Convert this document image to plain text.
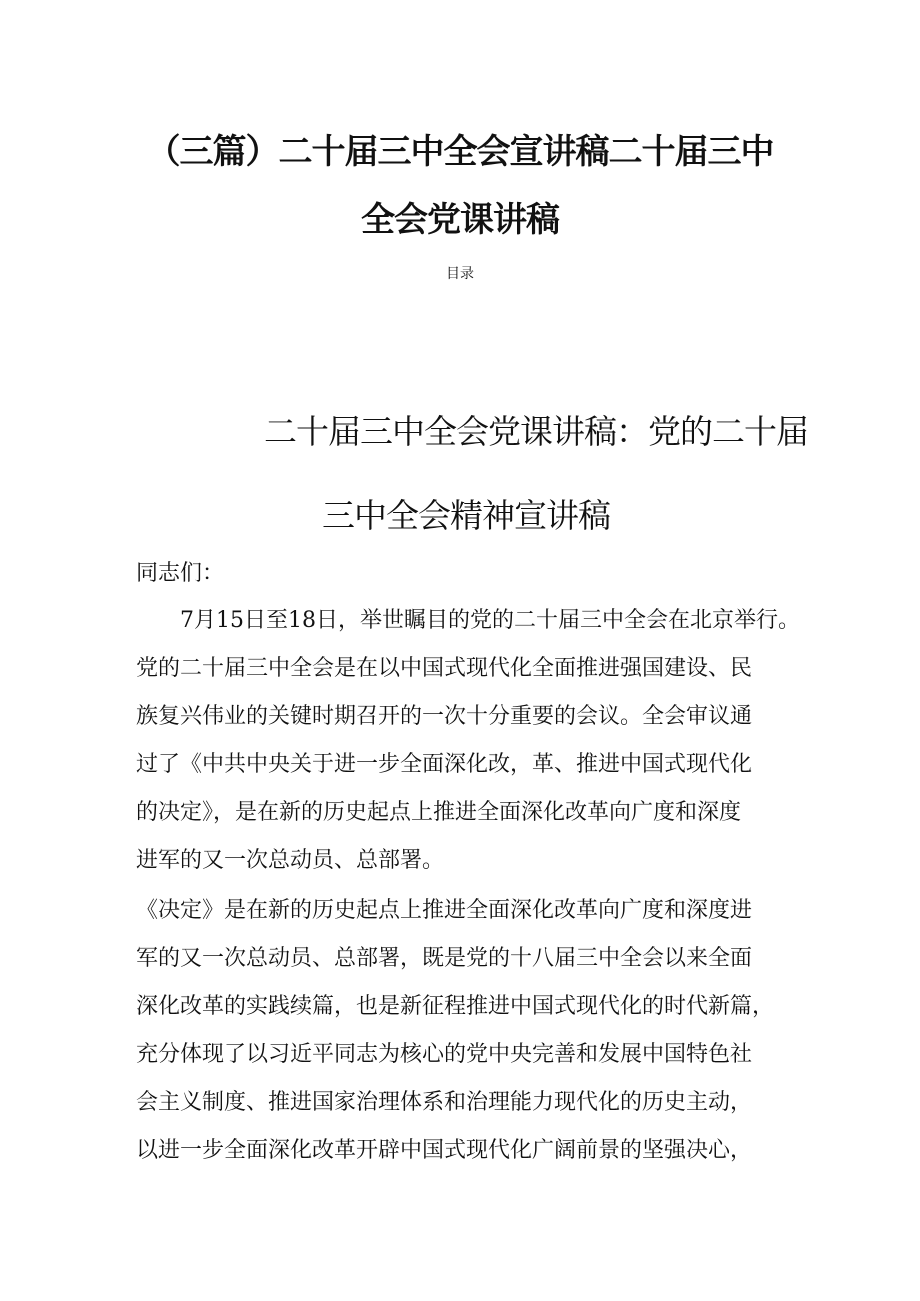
（三篇）二十届三中全会宣讲稿二十届三中
全会党课讲稿
目录
二十届三中全会党课讲稿：党的二十届
三中全会精神宣讲稿
同志们：
　　7月15日至18日，举世瞩目的党的二十届三中全会在北京举行。
党的二十届三中全会是在以中国式现代化全面推进强国建设、民
族复兴伟业的关键时期召开的一次十分重要的会议。全会审议通
过了《中共中央关于进一步全面深化改，革、推进中国式现代化
的决定》，是在新的历史起点上推进全面深化改革向广度和深度
进军的又一次总动员、总部署。
《决定》是在新的历史起点上推进全面深化改革向广度和深度进
军的又一次总动员、总部署，既是党的十八届三中全会以来全面
深化改革的实践续篇，也是新征程推进中国式现代化的时代新篇，
充分体现了以习近平同志为核心的党中央完善和发展中国特色社
会主义制度、推进国家治理体系和治理能力现代化的历史主动，
以进一步全面深化改革开辟中国式现代化广阔前景的坚强决心，
